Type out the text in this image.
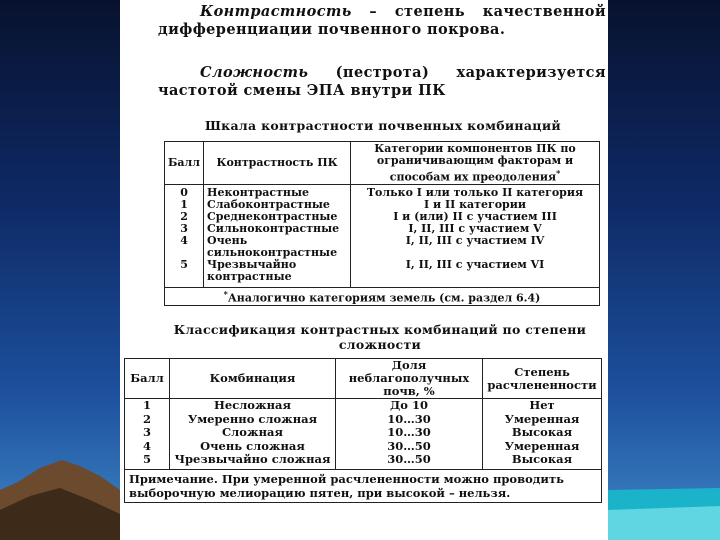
Контрастность – степень качественной дифференциации почвенного покрова.
Сложность (пестрота) характеризуется частотой смены ЭПА внутри ПК
Шкала контрастности почвенных комбинаций
Балл	Контрастность ПК	Категории компонентов ПК по ограничивающим факторам и способам их преодоления*
0	Неконтрастные	Только I или только II категория
1	Слабоконтрастные	I и II категории
2	Среднеконтрастные	I и (или) II с участием III
3	Сильноконтрастные	I, II, III с участием V
4	Очень сильноконтрастные	I, II, III с участием IV
5	Чрезвычайно контрастные	I, II, III с участием VI
*Аналогично категориям земель (см. раздел 6.4)		
Классификация контрастных комбинаций по степени сложности
Балл	Комбинация	Доля неблагополучных почв, %	Степень расчлененности
1	Несложная	До 10	Нет
2	Умеренно сложная	10…30	Умеренная
3	Сложная	10…30	Высокая
4	Очень сложная	30…50	Умеренная
5	Чрезвычайно сложная	30…50	Высокая
Примечание. При умеренной расчлененности можно проводить выборочную мелиорацию пятен, при высокой – нельзя.			
